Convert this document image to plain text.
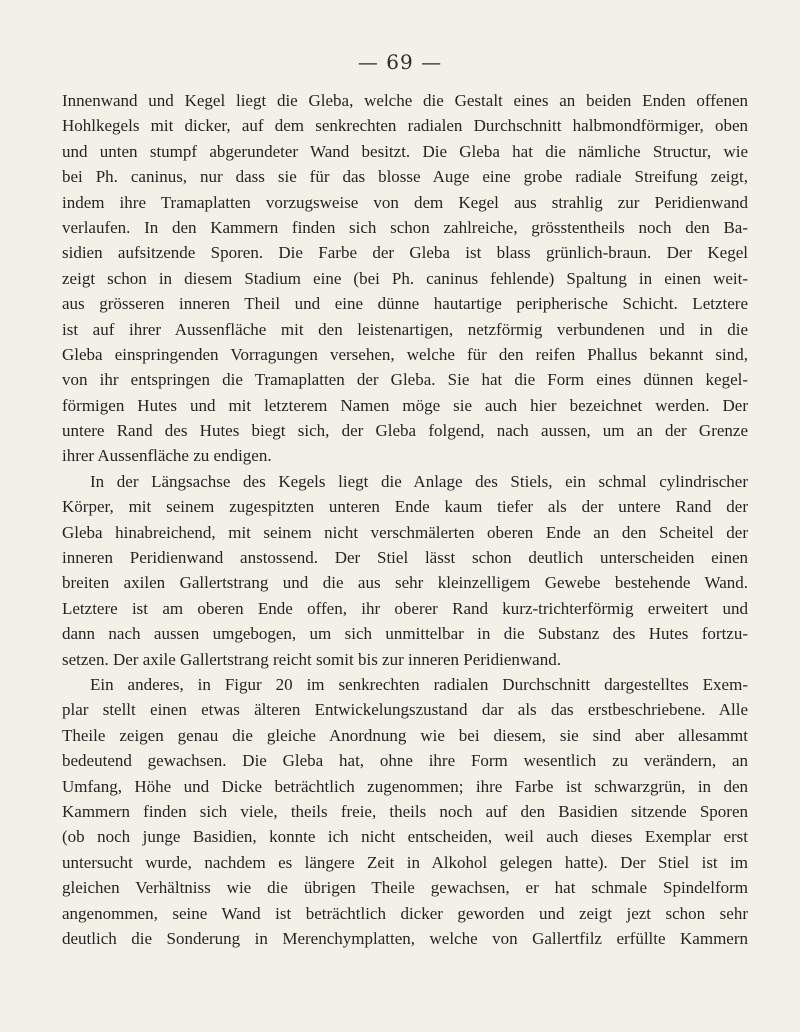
— 69 —
Innenwand und Kegel liegt die Gleba, welche die Gestalt eines an beiden Enden offenen
Hohlkegels mit dicker, auf dem senkrechten radialen Durchschnitt halbmondförmiger, oben
und unten stumpf abgerundeter Wand besitzt. Die Gleba hat die nämliche Structur, wie
bei Ph. caninus, nur dass sie für das blosse Auge eine grobe radiale Streifung zeigt,
indem ihre Tramaplatten vorzugsweise von dem Kegel aus strahlig zur Peridienwand
verlaufen. In den Kammern finden sich schon zahlreiche, grösstentheils noch den Ba-
sidien aufsitzende Sporen. Die Farbe der Gleba ist blass grünlich-braun. Der Kegel
zeigt schon in diesem Stadium eine (bei Ph. caninus fehlende) Spaltung in einen weit-
aus grösseren inneren Theil und eine dünne hautartige peripherische Schicht. Letztere
ist auf ihrer Aussenfläche mit den leistenartigen, netzförmig verbundenen und in die
Gleba einspringenden Vorragungen versehen, welche für den reifen Phallus bekannt sind,
von ihr entspringen die Tramaplatten der Gleba. Sie hat die Form eines dünnen kegel-
förmigen Hutes und mit letzterem Namen möge sie auch hier bezeichnet werden. Der
untere Rand des Hutes biegt sich, der Gleba folgend, nach aussen, um an der Grenze
ihrer Aussenfläche zu endigen.
In der Längsachse des Kegels liegt die Anlage des Stiels, ein schmal cylindrischer
Körper, mit seinem zugespitzten unteren Ende kaum tiefer als der untere Rand der
Gleba hinabreichend, mit seinem nicht verschmälerten oberen Ende an den Scheitel der
inneren Peridienwand anstossend. Der Stiel lässt schon deutlich unterscheiden einen
breiten axilen Gallertstrang und die aus sehr kleinzelligem Gewebe bestehende Wand.
Letztere ist am oberen Ende offen, ihr oberer Rand kurz-trichterförmig erweitert und
dann nach aussen umgebogen, um sich unmittelbar in die Substanz des Hutes fortzu-
setzen. Der axile Gallertstrang reicht somit bis zur inneren Peridienwand.
Ein anderes, in Figur 20 im senkrechten radialen Durchschnitt dargestelltes Exem-
plar stellt einen etwas älteren Entwickelungszustand dar als das erstbeschriebene. Alle
Theile zeigen genau die gleiche Anordnung wie bei diesem, sie sind aber allesammt
bedeutend gewachsen. Die Gleba hat, ohne ihre Form wesentlich zu verändern, an
Umfang, Höhe und Dicke beträchtlich zugenommen; ihre Farbe ist schwarzgrün, in den
Kammern finden sich viele, theils freie, theils noch auf den Basidien sitzende Sporen
(ob noch junge Basidien, konnte ich nicht entscheiden, weil auch dieses Exemplar erst
untersucht wurde, nachdem es längere Zeit in Alkohol gelegen hatte). Der Stiel ist im
gleichen Verhältniss wie die übrigen Theile gewachsen, er hat schmale Spindelform
angenommen, seine Wand ist beträchtlich dicker geworden und zeigt jezt schon sehr
deutlich die Sonderung in Merenchymplatten, welche von Gallertfilz erfüllte Kammern
